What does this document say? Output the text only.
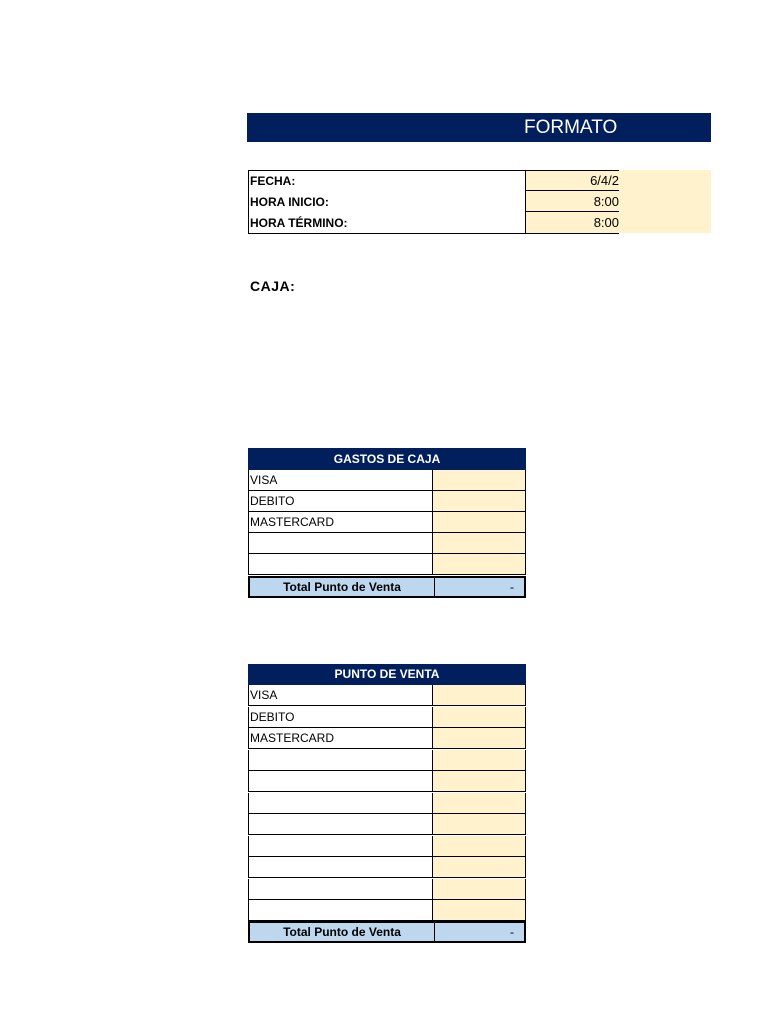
FORMATO
FECHA:	6/4/2
HORA INICIO:	8:00
HORA TÉRMINO:	8:00
CAJA:
GASTOS DE CAJA
VISA
DEBITO
MASTERCARD
Total Punto de Venta	-
PUNTO DE VENTA
VISA
DEBITO
MASTERCARD
Total Punto de Venta	-
